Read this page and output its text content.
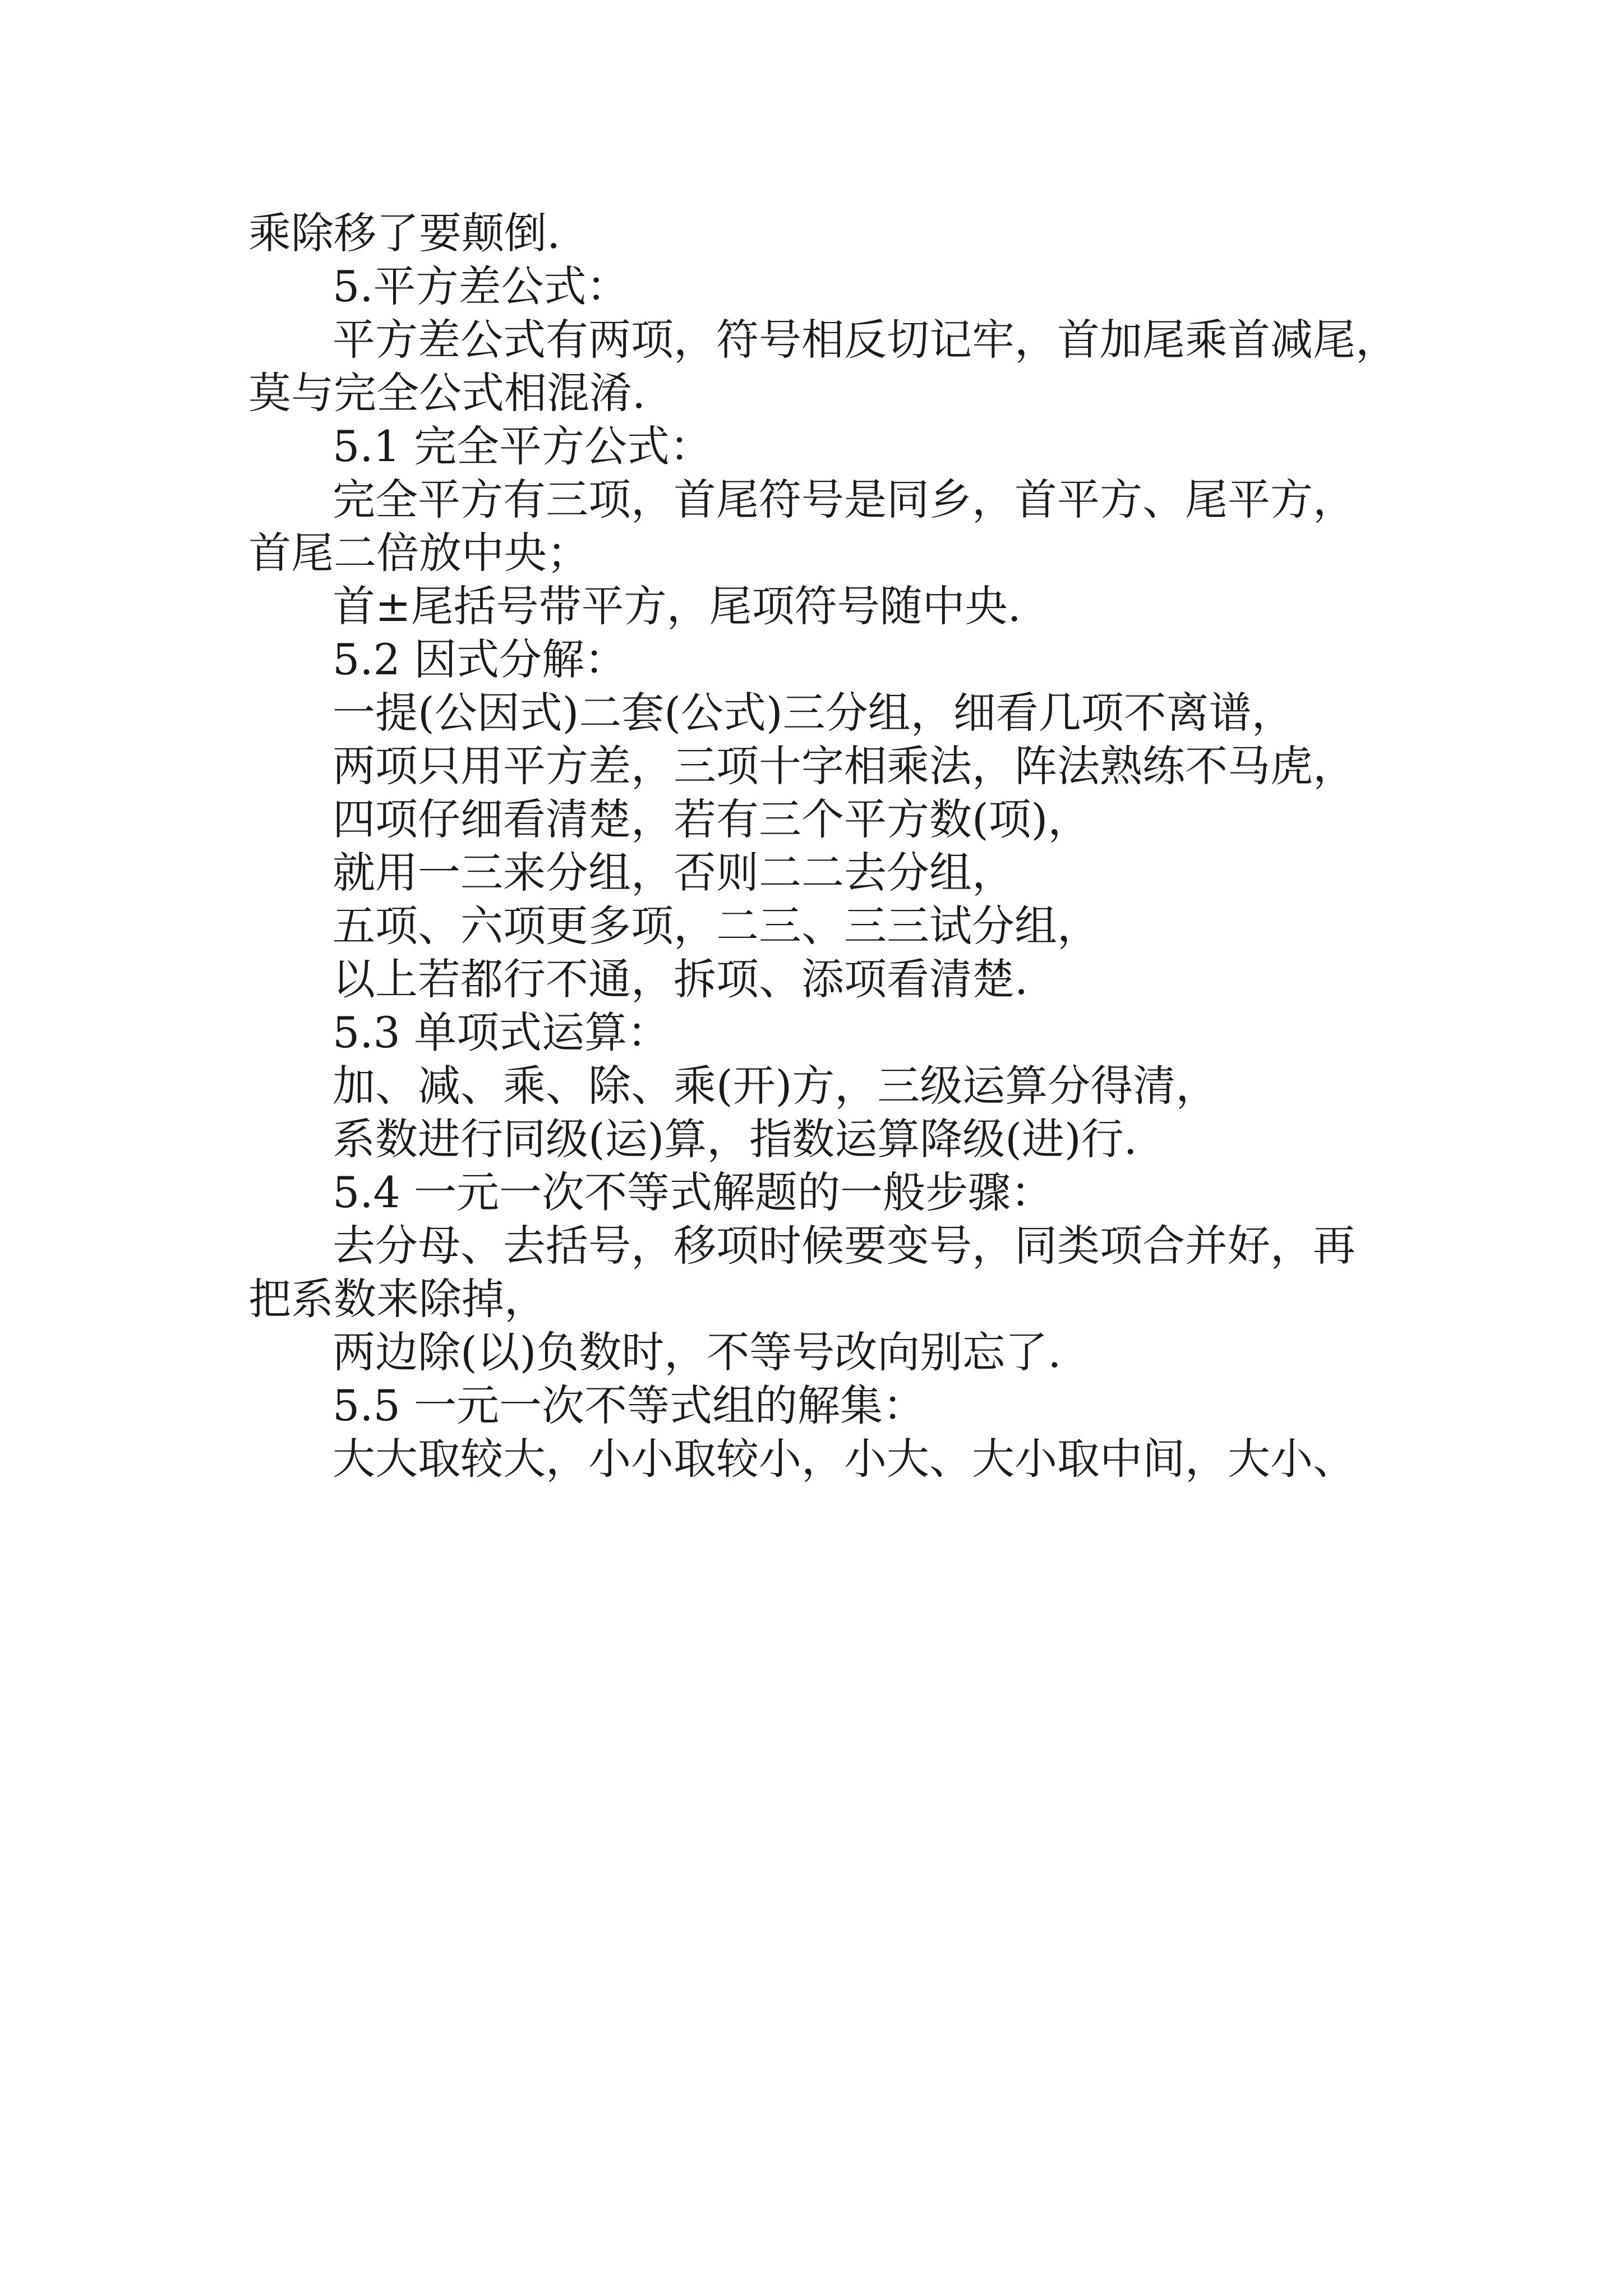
乘除移了要颠倒.

5.平方差公式：

平方差公式有两项，符号相反切记牢，首加尾乘首减尾，

莫与完全公式相混淆.

5.1 完全平方公式：

完全平方有三项，首尾符号是同乡，首平方、尾平方，

首尾二倍放中央；

首±尾括号带平方，尾项符号随中央.

5.2 因式分解：

一提(公因式)二套(公式)三分组，细看几项不离谱，

两项只用平方差，三项十字相乘法，阵法熟练不马虎，

四项仔细看清楚，若有三个平方数(项)，

就用一三来分组，否则二二去分组，

五项、六项更多项，二三、三三试分组，

以上若都行不通，拆项、添项看清楚.

5.3 单项式运算：

加、减、乘、除、乘(开)方，三级运算分得清，

系数进行同级(运)算，指数运算降级(进)行.

5.4 一元一次不等式解题的一般步骤：

去分母、去括号，移项时候要变号，同类项合并好，再

把系数来除掉，

两边除(以)负数时，不等号改向别忘了.

5.5 一元一次不等式组的解集：

大大取较大，小小取较小，小大、大小取中间，大小、
